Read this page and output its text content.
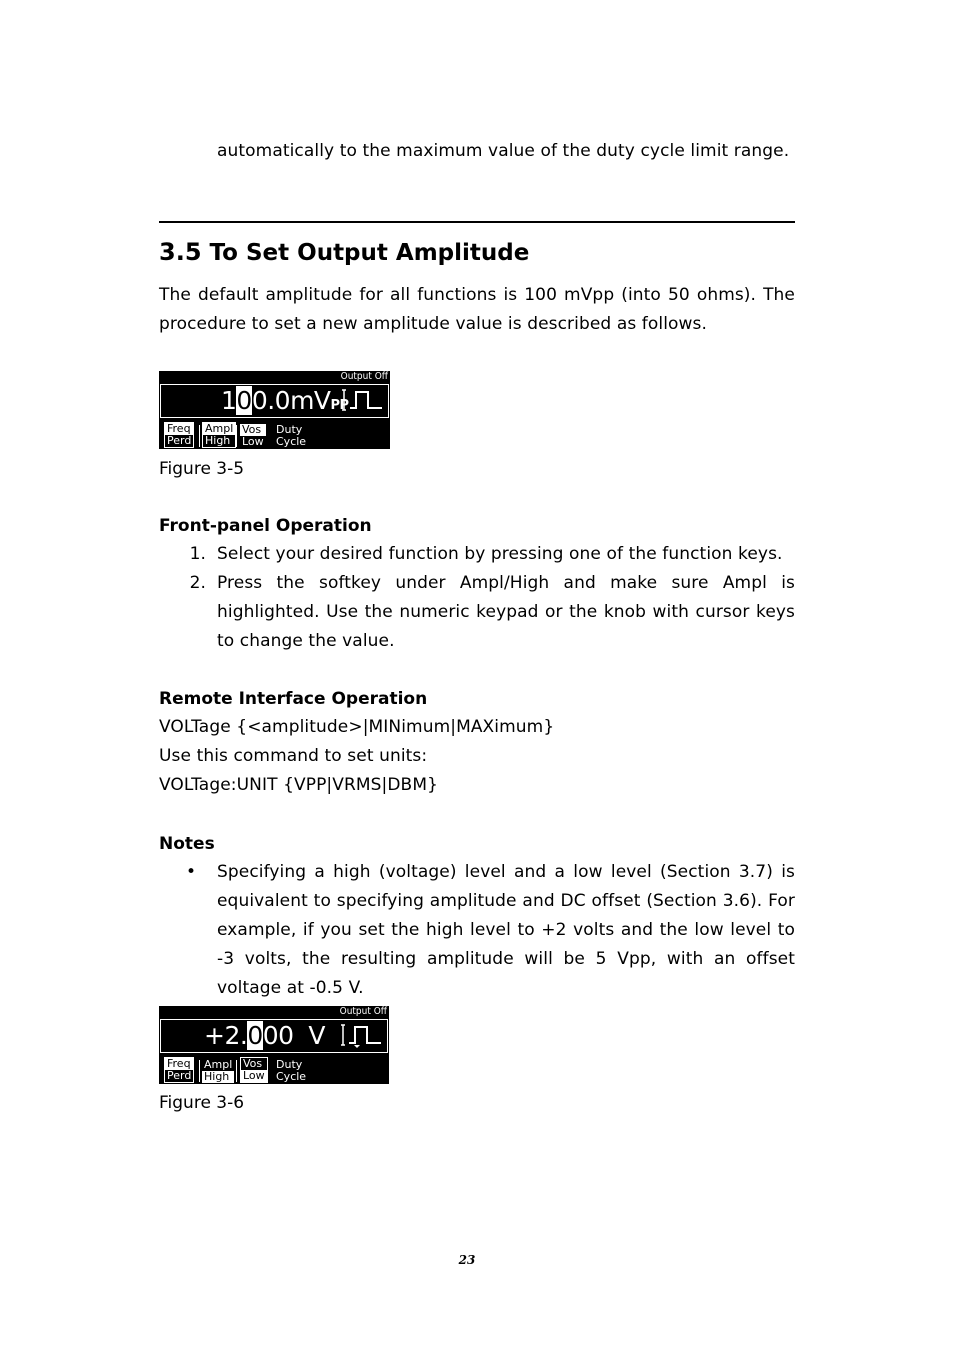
automatically to the maximum value of the duty cycle limit range.
3.5 To Set Output Amplitude
The default amplitude for all functions is 100 mVpp (into 50 ohms). The procedure to set a new amplitude value is described as follows.
Output Off
100.0mVPP
Freq
Perd
Ampl
High
Vos
Low
Duty
Cycle
Figure 3-5
Front-panel Operation
1. Select your desired function by pressing one of the function keys.
2. Press the softkey under Ampl/High and make sure Ampl is highlighted. Use the numeric keypad or the knob with cursor keys to change the value.
Remote Interface Operation
VOLTage {<amplitude>|MINimum|MAXimum}
Use this command to set units:
VOLTage:UNIT {VPP|VRMS|DBM}
Notes
• Specifying a high (voltage) level and a low level (Section 3.7) is equivalent to specifying amplitude and DC offset (Section 3.6). For example, if you set the high level to +2 volts and the low level to -3 volts, the resulting amplitude will be 5 Vpp, with an offset voltage at -0.5 V.
Output Off
+2.000  V
Freq
Perd
Ampl
High
Vos
Low
Duty
Cycle
Figure 3-6
23
